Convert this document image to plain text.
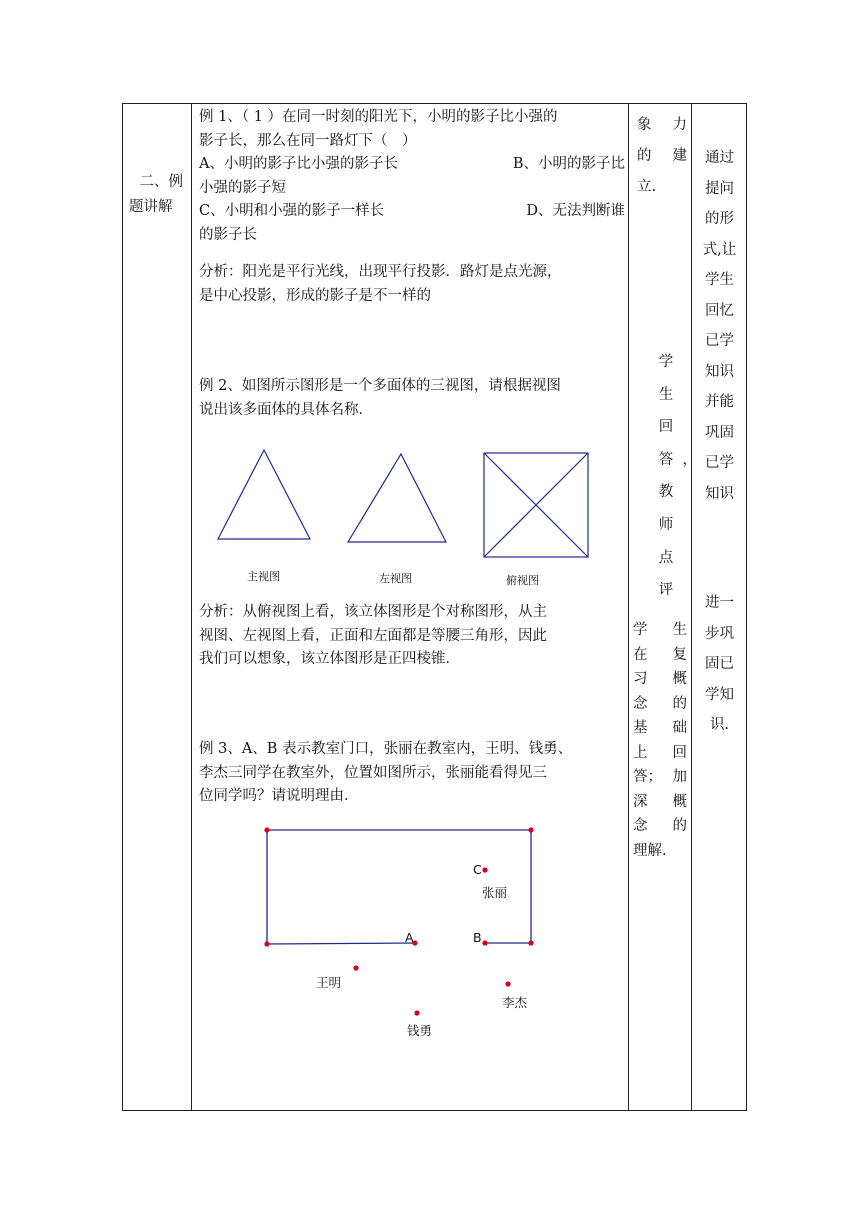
二、例
题讲解
例 1、（ 1 ）在同一时刻的阳光下，小明的影子比小强的
影子长，那么在同一路灯下（　）
A、小明的影子比小强的影子长	B、小明的影子比
小强的影子短
C、小明和小强的影子一样长	D、无法判断谁
的影子长
分析：阳光是平行光线，出现平行投影．路灯是点光源，
是中心投影，形成的影子是不一样的
例 2、如图所示图形是一个多面体的三视图，请根据视图
说出该多面体的具体名称．
主视图	左视图	俯视图
分析：从俯视图上看，该立体图形是个对称图形，从主
视图、左视图上看，正面和左面都是等腰三角形，因此
我们可以想象，该立体图形是正四棱锥．
例 3、A、B 表示教室门口，张丽在教室内，王明、钱勇、
李杰三同学在教室外，位置如图所示，张丽能看得见三
位同学吗？请说明理由．
A	B
C
张丽
王明
钱勇
李杰
象 力
的 建
立.
学
生
回
答 ，
教
师
点
评
学 生
在 复
习 概
念 的
基 础
上 回
答； 加
深 概
念 的
理解.
通过
提问
的形
式,让
学生
回忆
已学
知识
并能
巩固
已学
知识
进一
步巩
固已
学知
识.
